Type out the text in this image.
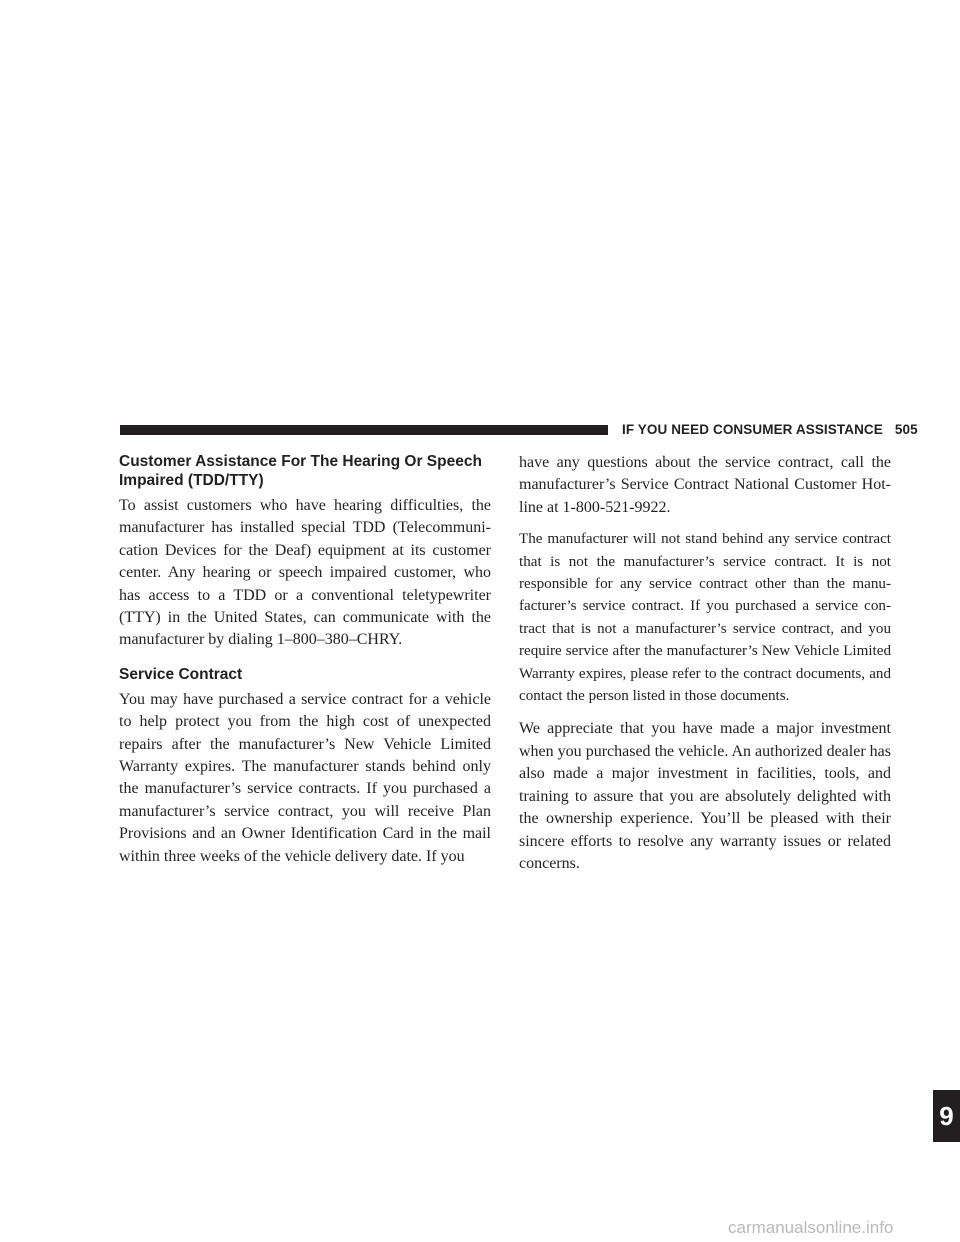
IF YOU NEED CONSUMER ASSISTANCE 505
Customer Assistance For The Hearing Or Speech
Impaired (TDD/TTY)

To assist customers who have hearing difficulties, the manufacturer has installed special TDD (Telecommunication Devices for the Deaf) equipment at its customer center. Any hearing or speech impaired customer, who has access to a TDD or a conventional teletypewriter (TTY) in the United States, can communicate with the manufacturer by dialing 1–800–380–CHRY.

Service Contract

You may have purchased a service contract for a vehicle to help protect you from the high cost of unexpected repairs after the manufacturer’s New Vehicle Limited Warranty expires. The manufacturer stands behind only the manufacturer’s service contracts. If you purchased a manufacturer’s service contract, you will receive Plan Provisions and an Owner Identification Card in the mail within three weeks of the vehicle delivery date. If you

have any questions about the service contract, call the manufacturer’s Service Contract National Customer Hotline at 1-800-521-9922.

The manufacturer will not stand behind any service contract that is not the manufacturer’s service contract. It is not responsible for any service contract other than the manufacturer’s service contract. If you purchased a service contract that is not a manufacturer’s service contract, and you require service after the manufacturer’s New Vehicle Limited Warranty expires, please refer to the contract documents, and contact the person listed in those documents.

We appreciate that you have made a major investment when you purchased the vehicle. An authorized dealer has also made a major investment in facilities, tools, and training to assure that you are absolutely delighted with the ownership experience. You’ll be pleased with their sincere efforts to resolve any warranty issues or related concerns.

9
carmanualsonline.info
